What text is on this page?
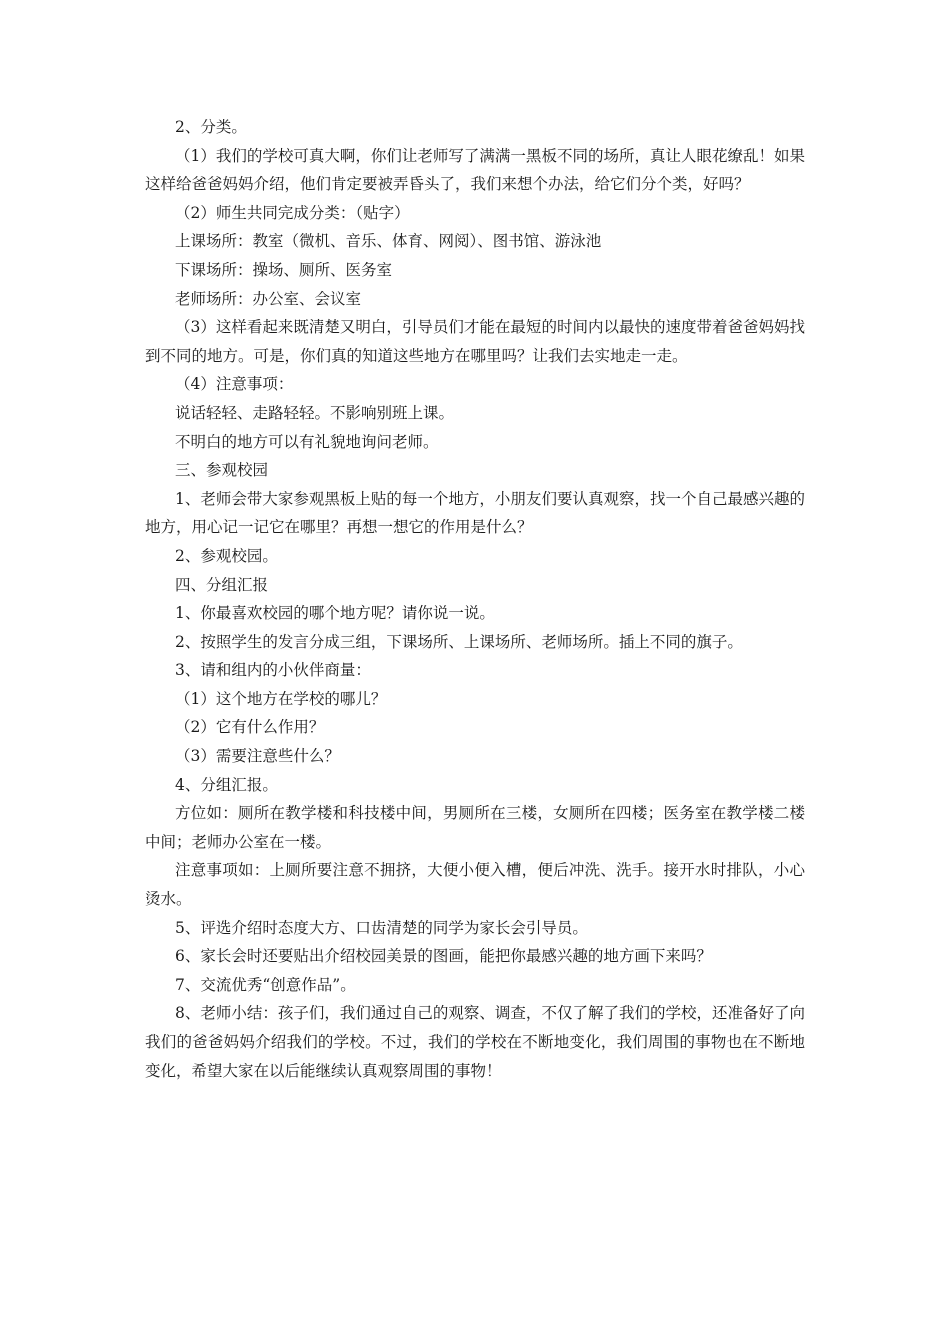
2、分类。

（1）我们的学校可真大啊，你们让老师写了满满一黑板不同的场所，真让人眼花缭乱！如果这样给爸爸妈妈介绍，他们肯定要被弄昏头了，我们来想个办法，给它们分个类，好吗？

（2）师生共同完成分类：（贴字）

上课场所：教室（微机、音乐、体育、网阅）、图书馆、游泳池

下课场所：操场、厕所、医务室

老师场所：办公室、会议室

（3）这样看起来既清楚又明白，引导员们才能在最短的时间内以最快的速度带着爸爸妈妈找到不同的地方。可是，你们真的知道这些地方在哪里吗？让我们去实地走一走。

（4）注意事项：

说话轻轻、走路轻轻。不影响别班上课。

不明白的地方可以有礼貌地询问老师。

三、参观校园

1、老师会带大家参观黑板上贴的每一个地方，小朋友们要认真观察，找一个自己最感兴趣的地方，用心记一记它在哪里？再想一想它的作用是什么？

2、参观校园。

四、分组汇报

1、你最喜欢校园的哪个地方呢？请你说一说。

2、按照学生的发言分成三组，下课场所、上课场所、老师场所。插上不同的旗子。

3、请和组内的小伙伴商量：

（1）这个地方在学校的哪儿？

（2）它有什么作用？

（3）需要注意些什么？

4、分组汇报。

方位如：厕所在教学楼和科技楼中间，男厕所在三楼，女厕所在四楼；医务室在教学楼二楼中间；老师办公室在一楼。

注意事项如：上厕所要注意不拥挤，大便小便入槽，便后冲洗、洗手。接开水时排队，小心烫水。

5、评选介绍时态度大方、口齿清楚的同学为家长会引导员。

6、家长会时还要贴出介绍校园美景的图画，能把你最感兴趣的地方画下来吗？

7、交流优秀“创意作品”。

8、老师小结：孩子们，我们通过自己的观察、调查，不仅了解了我们的学校，还准备好了向我们的爸爸妈妈介绍我们的学校。不过，我们的学校在不断地变化，我们周围的事物也在不断地变化，希望大家在以后能继续认真观察周围的事物！
